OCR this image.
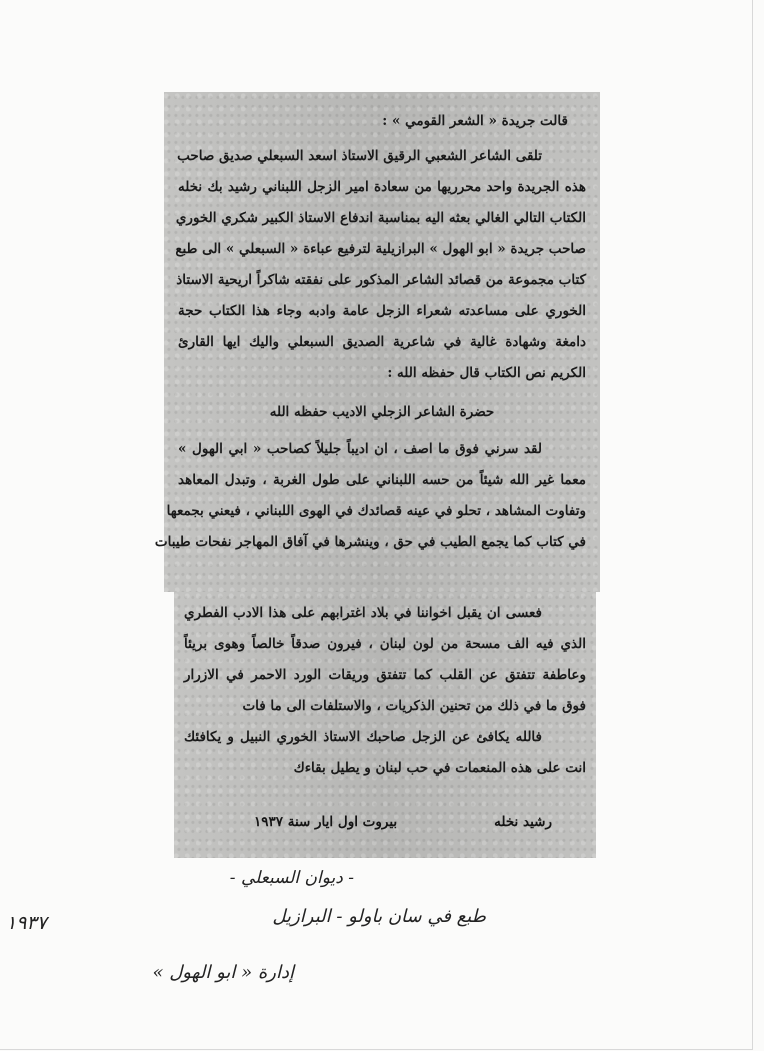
قالت جريدة « الشعر القومي » :
تلقى الشاعر الشعبي الرقيق الاستاذ اسعد السبعلي صديق صاحب
هذه الجريدة واحد محرريها من سعادة امير الزجل اللبناني رشيد بك نخله
الكتاب التالي الغالي بعثه اليه بمناسبة اندفاع الاستاذ الكبير شكري الخوري
صاحب جريدة « ابو الهول » البرازيلية لترفيع عباءة « السبعلي » الى طبع
كتاب مجموعة من قصائد الشاعر المذكور على نفقته شاكراً اريحية الاستاذ
الخوري على مساعدته شعراء الزجل عامة وادبه وجاء هذا الكتاب حجة
دامغة وشهادة غالية في شاعرية الصديق السبعلي واليك ايها القارئ
الكريم نص الكتاب قال حفظه الله :
حضرة الشاعر الزجلي الاديب حفظه الله
لقد سرني فوق ما اصف ، ان اديباً جليلاً كصاحب « ابي الهول »
معما غير الله شيئاً من حسه اللبناني على طول الغربة ، وتبدل المعاهد
وتفاوت المشاهد ، تحلو في عينه قصائدك في الهوى اللبناني ، فيعني بجمعها
في كتاب كما يجمع الطيب في حق ، وينشرها في آفاق المهاجر نفحات طيبات
فعسى ان يقبل اخواننا في بلاد اغترابهم على هذا الادب الفطري
الذي فيه الف مسحة من لون لبنان ، فيرون صدقاً خالصاً وهوى بريئاً
وعاطفة تتفتق عن القلب كما تتفتق وريقات الورد الاحمر في الازرار
فوق ما في ذلك من تحنين الذكريات ، والاستلفات الى ما فات
فالله يكافئ عن الزجل صاحبك الاستاذ الخوري النبيل و يكافئك
انت على هذه المنعمات في حب لبنان و يطيل بقاءك
رشيد نخله
بيروت اول ايار سنة ١٩٣٧
- ديوان السبعلي -
طبع في سان باولو - البرازيل
١٩٣٧
إدارة « ابو الهول »
